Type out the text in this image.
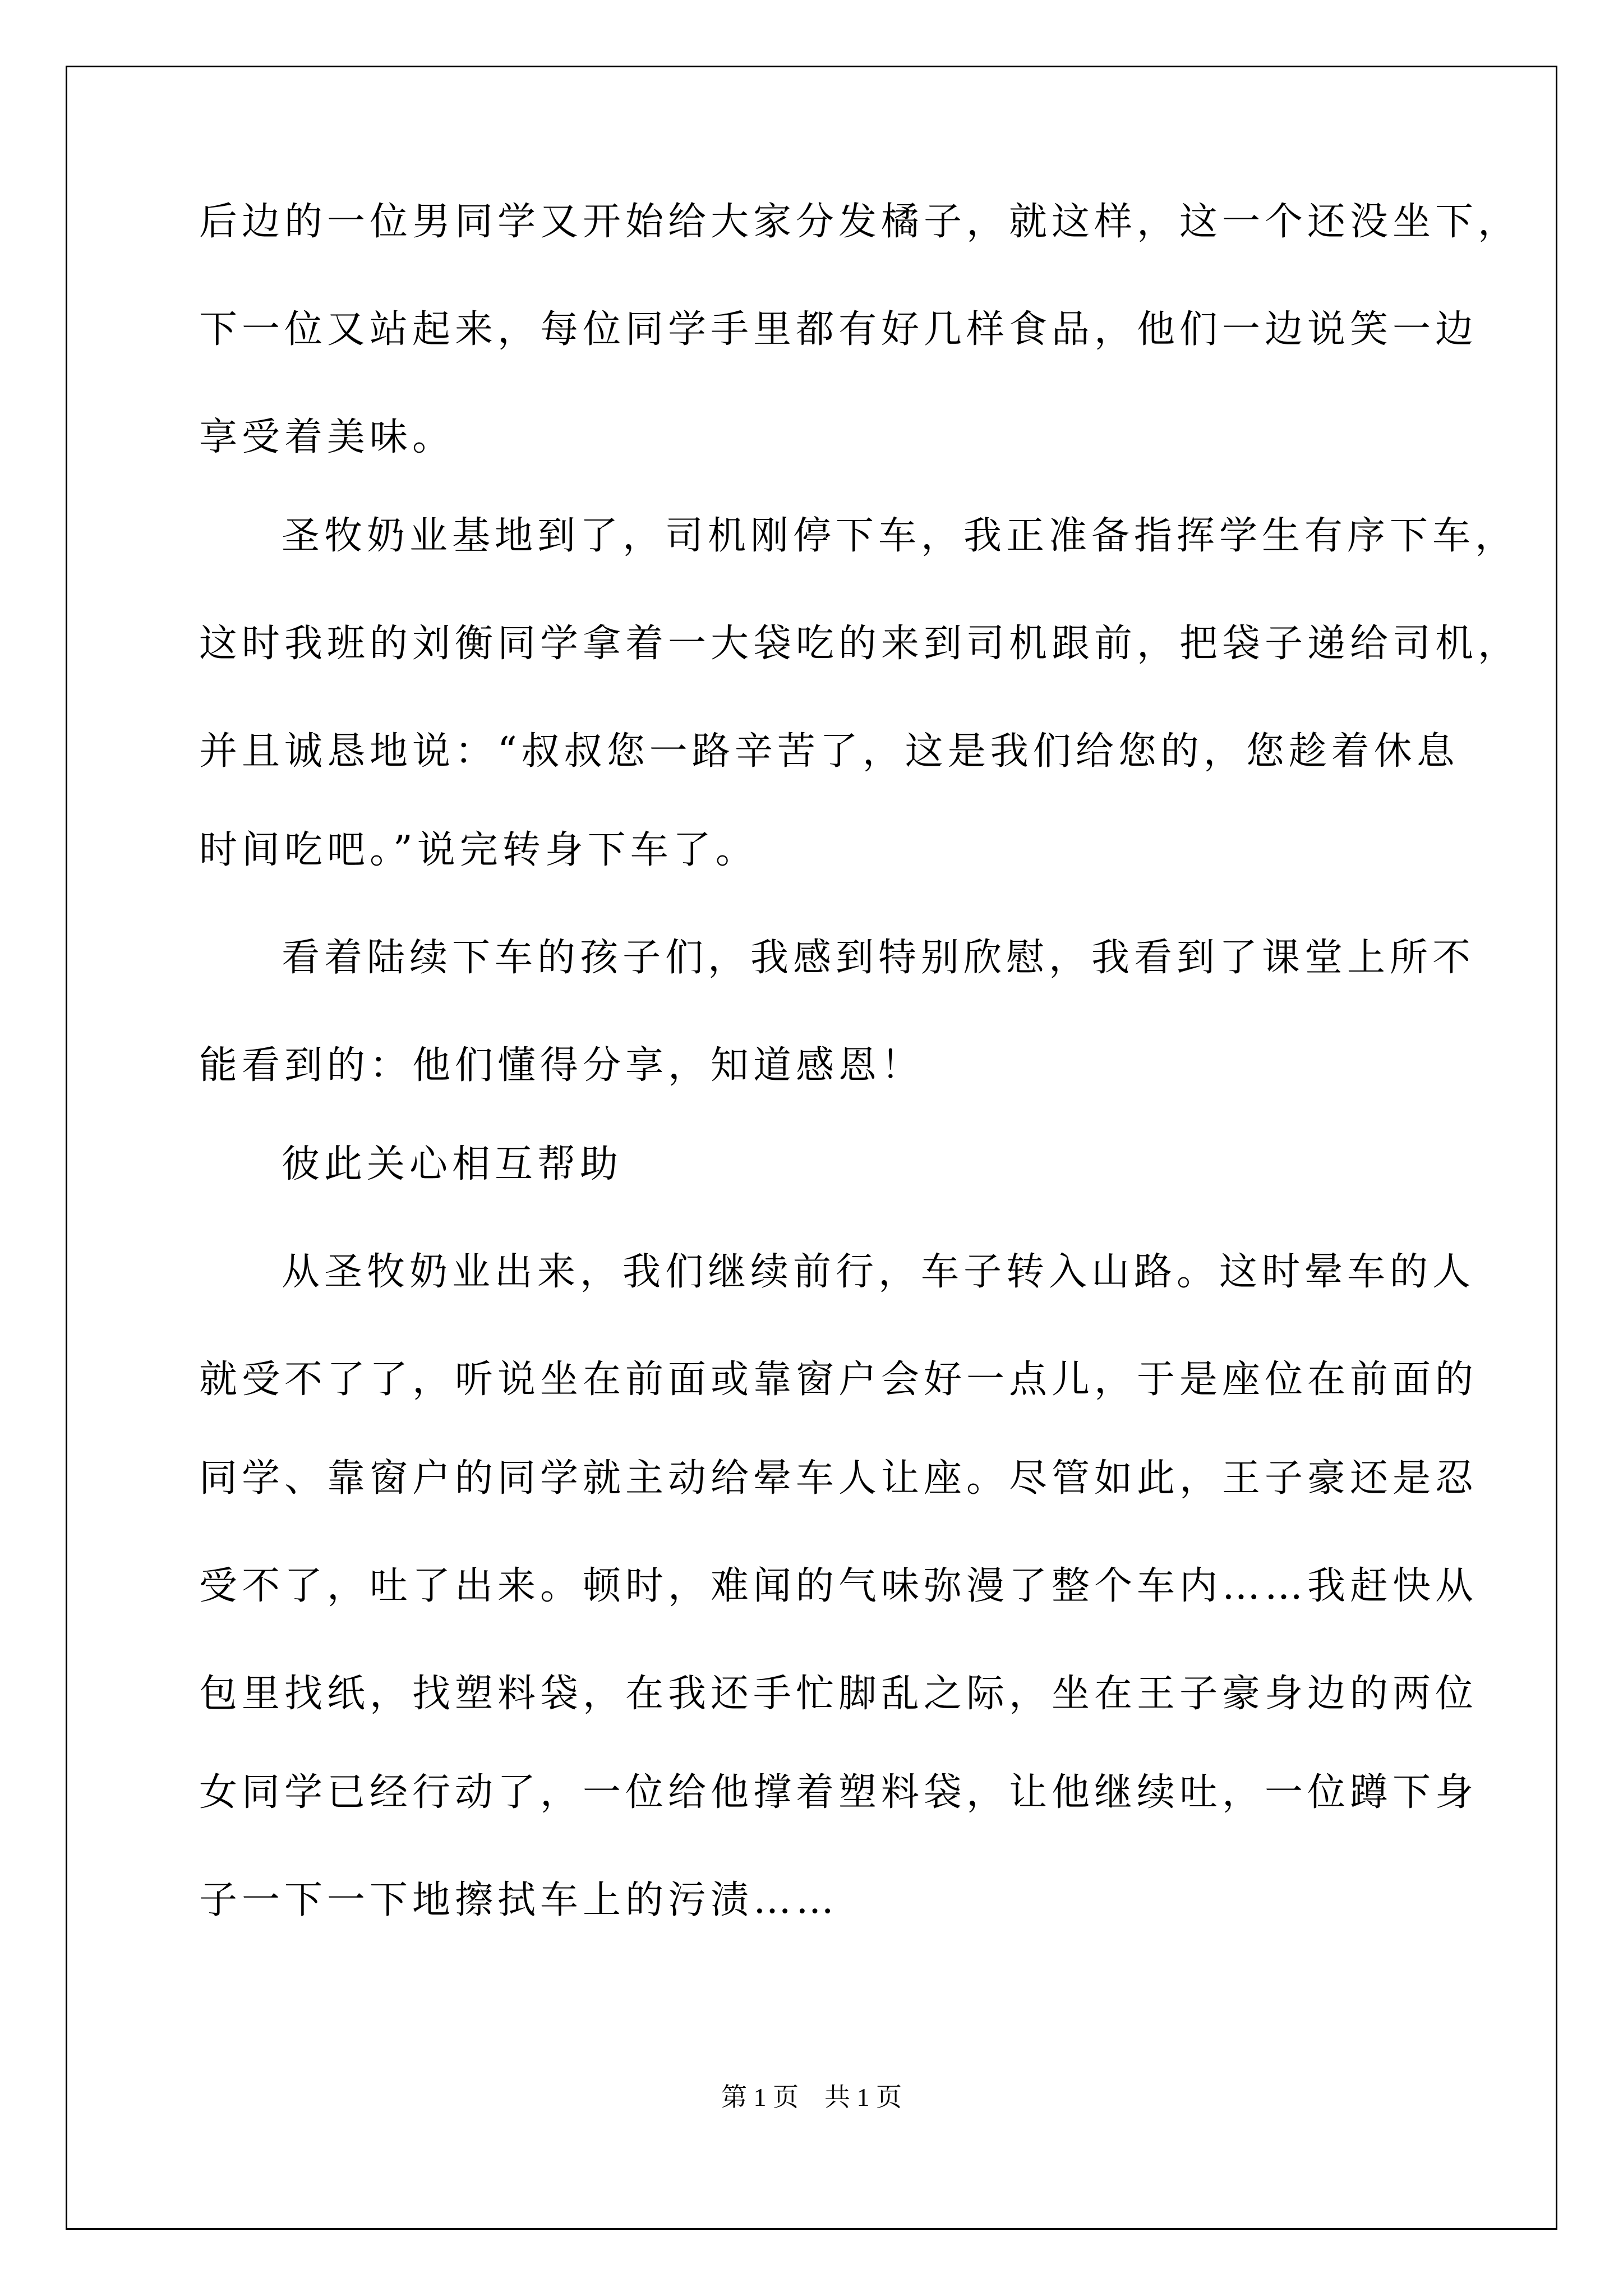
后边的一位男同学又开始给大家分发橘子，就这样，这一个还没坐下，
下一位又站起来，每位同学手里都有好几样食品，他们一边说笑一边
享受着美味。
圣牧奶业基地到了，司机刚停下车，我正准备指挥学生有序下车，
这时我班的刘衡同学拿着一大袋吃的来到司机跟前，把袋子递给司机，
并且诚恳地说：“叔叔您一路辛苦了，这是我们给您的，您趁着休息
时间吃吧。”说完转身下车了。
看着陆续下车的孩子们，我感到特别欣慰，我看到了课堂上所不
能看到的：他们懂得分享，知道感恩！
彼此关心相互帮助
从圣牧奶业出来，我们继续前行，车子转入山路。这时晕车的人
就受不了了，听说坐在前面或靠窗户会好一点儿，于是座位在前面的
同学、靠窗户的同学就主动给晕车人让座。尽管如此，王子豪还是忍
受不了，吐了出来。顿时，难闻的气味弥漫了整个车内……我赶快从
包里找纸，找塑料袋，在我还手忙脚乱之际，坐在王子豪身边的两位
女同学已经行动了，一位给他撑着塑料袋，让他继续吐，一位蹲下身
子一下一下地擦拭车上的污渍……
第 1 页    共 1 页
